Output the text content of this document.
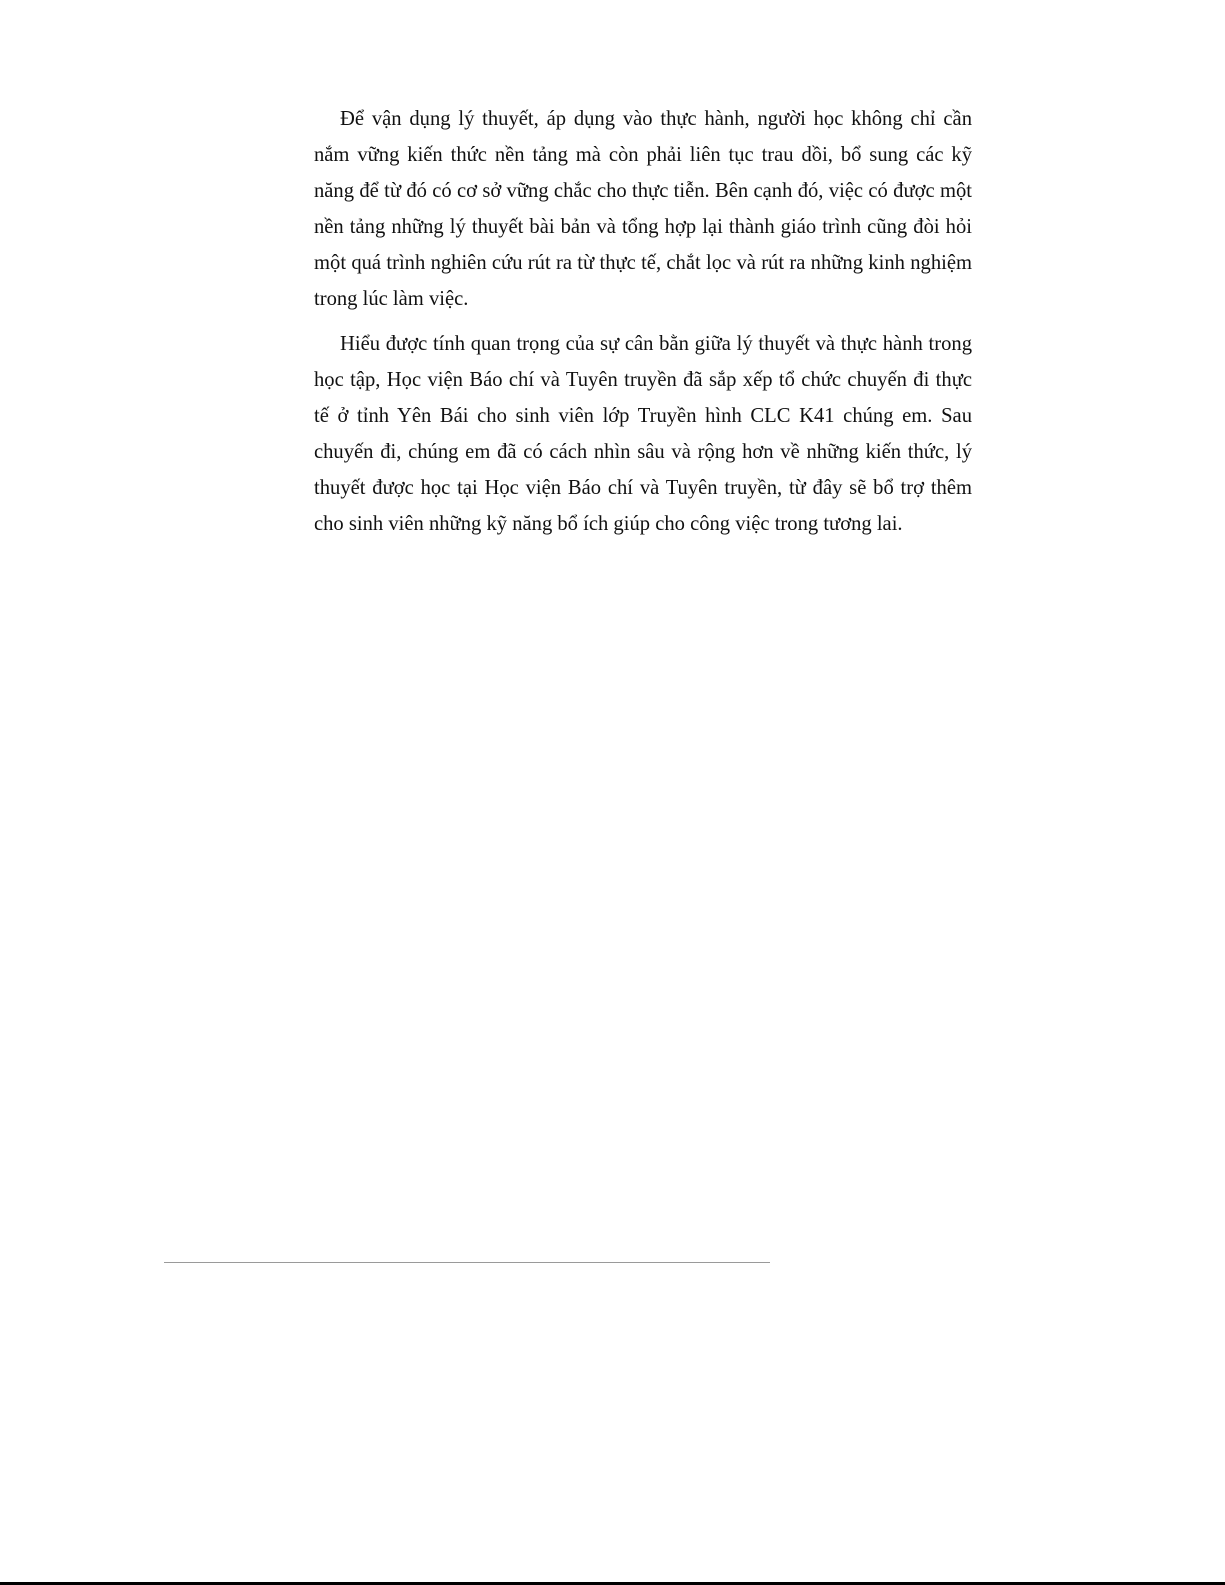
Để vận dụng lý thuyết, áp dụng vào thực hành, người học không chỉ cần nắm vững kiến thức nền tảng mà còn phải liên tục trau dồi, bổ sung các kỹ năng để từ đó có cơ sở vững chắc cho thực tiễn. Bên cạnh đó, việc có được một nền tảng những lý thuyết bài bản và tổng hợp lại thành giáo trình cũng đòi hỏi một quá trình nghiên cứu rút ra từ thực tế, chắt lọc và rút ra những kinh nghiệm trong lúc làm việc.

Hiểu được tính quan trọng của sự cân bằn giữa lý thuyết và thực hành trong học tập, Học viện Báo chí và Tuyên truyền đã sắp xếp tổ chức chuyến đi thực tế ở tỉnh Yên Bái cho sinh viên lớp Truyền hình CLC K41 chúng em. Sau chuyến đi, chúng em đã có cách nhìn sâu và rộng hơn về những kiến thức, lý thuyết được học tại Học viện Báo chí và Tuyên truyền, từ đây sẽ bổ trợ thêm cho sinh viên những kỹ năng bổ ích giúp cho công việc trong tương lai.
